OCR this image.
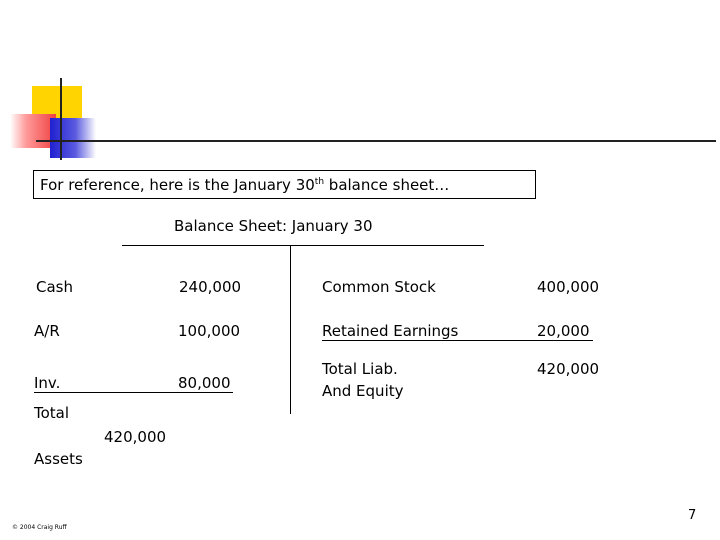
For reference, here is the January 30th balance sheet…
Balance Sheet: January 30
Cash	240,000
A/R	100,000
Inv.	80,000
Total
Assets
420,000
Common Stock	400,000
Retained Earnings	20,000
Total Liab.
And Equity
420,000
© 2004 Craig Ruff
7
